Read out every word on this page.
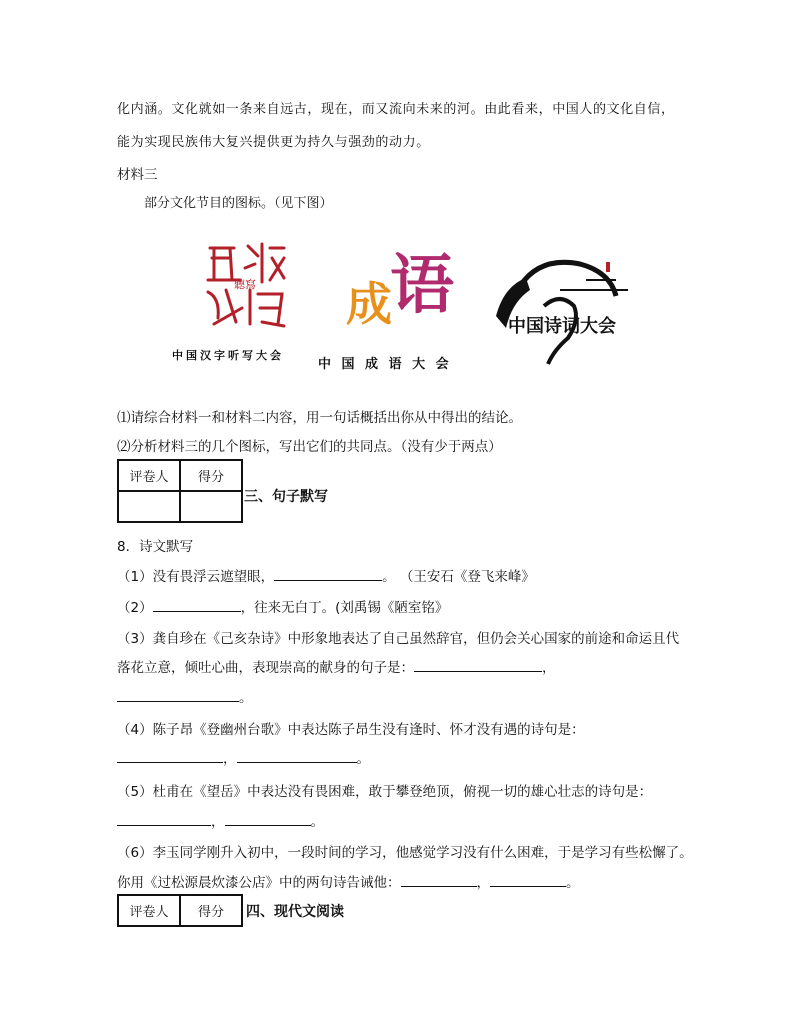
化内涵。文化就如一条来自远古，现在，而又流向未来的河。由此看来，中国人的文化自信，
能为实现民族伟大复兴提供更为持久与强劲的动力。
材料三
部分文化节目的图标。（见下图）
聽寫
中国汉字听写大会
成
语
中 国 成 语 大 会
中国诗词大会
⑴请综合材料一和材料二内容，用一句话概括出你从中得出的结论。
⑵分析材料三的几个图标，写出它们的共同点。（没有少于两点）
评卷人	得分

三、句子默写
8．诗文默写
（1）没有畏浮云遮望眼，	。 （王安石《登飞来峰》
（2）	，往来无白丁。(刘禹锡《陋室铭》
（3）龚自珍在《己亥杂诗》中形象地表达了自己虽然辞官，但仍会关心国家的前途和命运且代
落花立意，倾吐心曲，表现崇高的献身的句子是：	，
。
（4）陈子昂《登幽州台歌》中表达陈子昂生没有逢时、怀才没有遇的诗句是：
，	。
（5）杜甫在《望岳》中表达没有畏困难，敢于攀登绝顶，俯视一切的雄心壮志的诗句是：
，	。
（6）李玉同学刚升入初中，一段时间的学习，他感觉学习没有什么困难，于是学习有些松懈了。
你用《过松源晨炊漆公店》中的两句诗告诫他：	，	。
评卷人	得分 四、现代文阅读
